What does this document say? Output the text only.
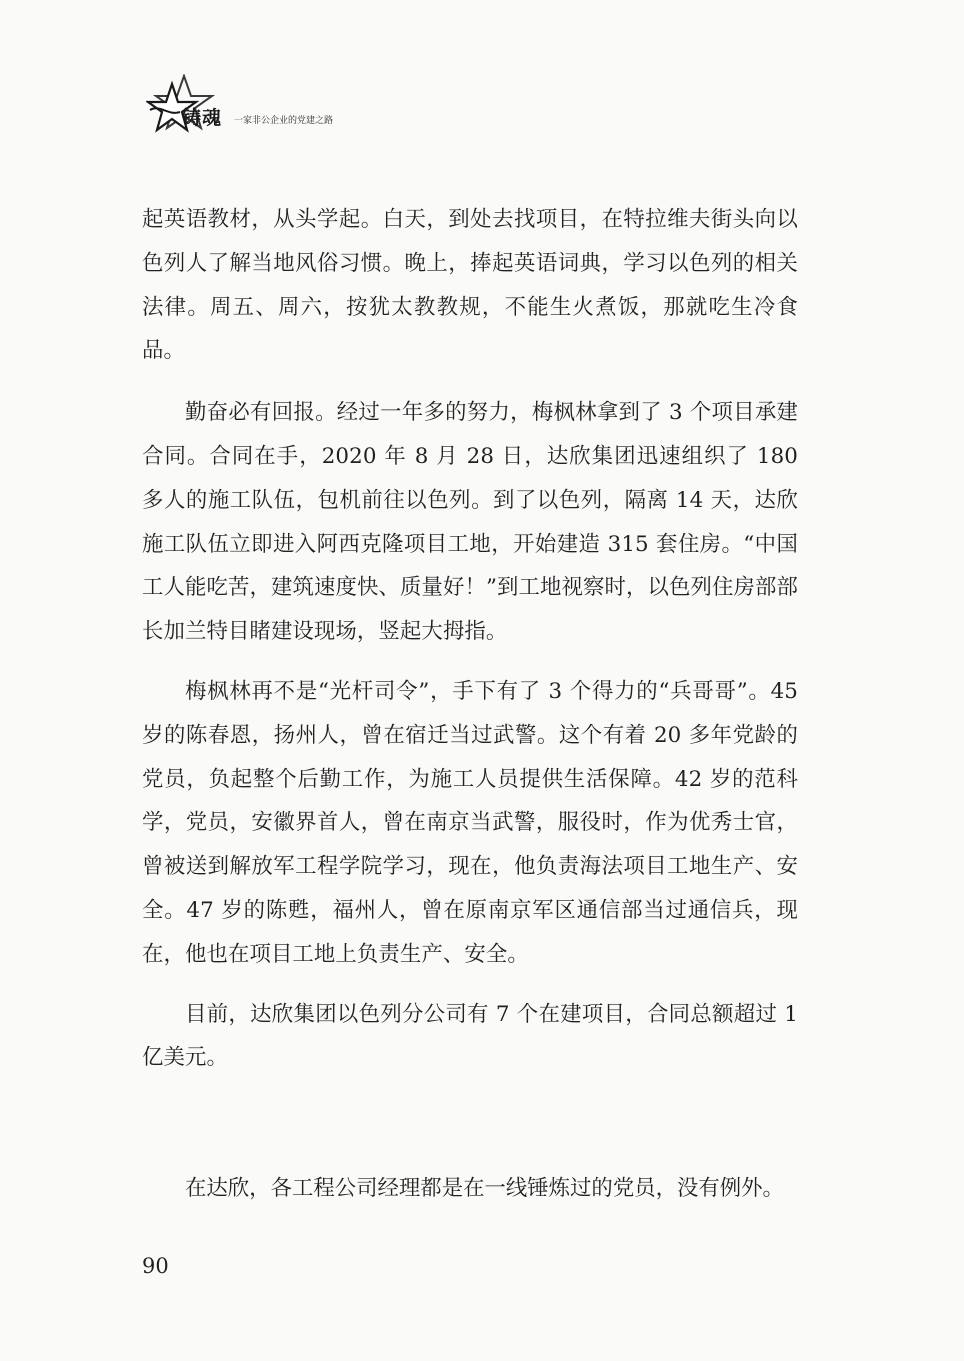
铸魂 一家非公企业的党建之路

起英语教材，从头学起。白天，到处去找项目，在特拉维夫街头向以色列人了解当地风俗习惯。晚上，捧起英语词典，学习以色列的相关法律。周五、周六，按犹太教教规，不能生火煮饭，那就吃生冷食品。

勤奋必有回报。经过一年多的努力，梅枫林拿到了 3 个项目承建合同。合同在手，2020 年 8 月 28 日，达欣集团迅速组织了 180 多人的施工队伍，包机前往以色列。到了以色列，隔离 14 天，达欣施工队伍立即进入阿西克隆项目工地，开始建造 315 套住房。“中国工人能吃苦，建筑速度快、质量好！”到工地视察时，以色列住房部部长加兰特目睹建设现场，竖起大拇指。

梅枫林再不是“光杆司令”，手下有了 3 个得力的“兵哥哥”。45 岁的陈春恩，扬州人，曾在宿迁当过武警。这个有着 20 多年党龄的党员，负起整个后勤工作，为施工人员提供生活保障。42 岁的范科学，党员，安徽界首人，曾在南京当武警，服役时，作为优秀士官，曾被送到解放军工程学院学习，现在，他负责海法项目工地生产、安全。47 岁的陈甦，福州人，曾在原南京军区通信部当过通信兵，现在，他也在项目工地上负责生产、安全。

目前，达欣集团以色列分公司有 7 个在建项目，合同总额超过 1 亿美元。

在达欣，各工程公司经理都是在一线锤炼过的党员，没有例外。

90
